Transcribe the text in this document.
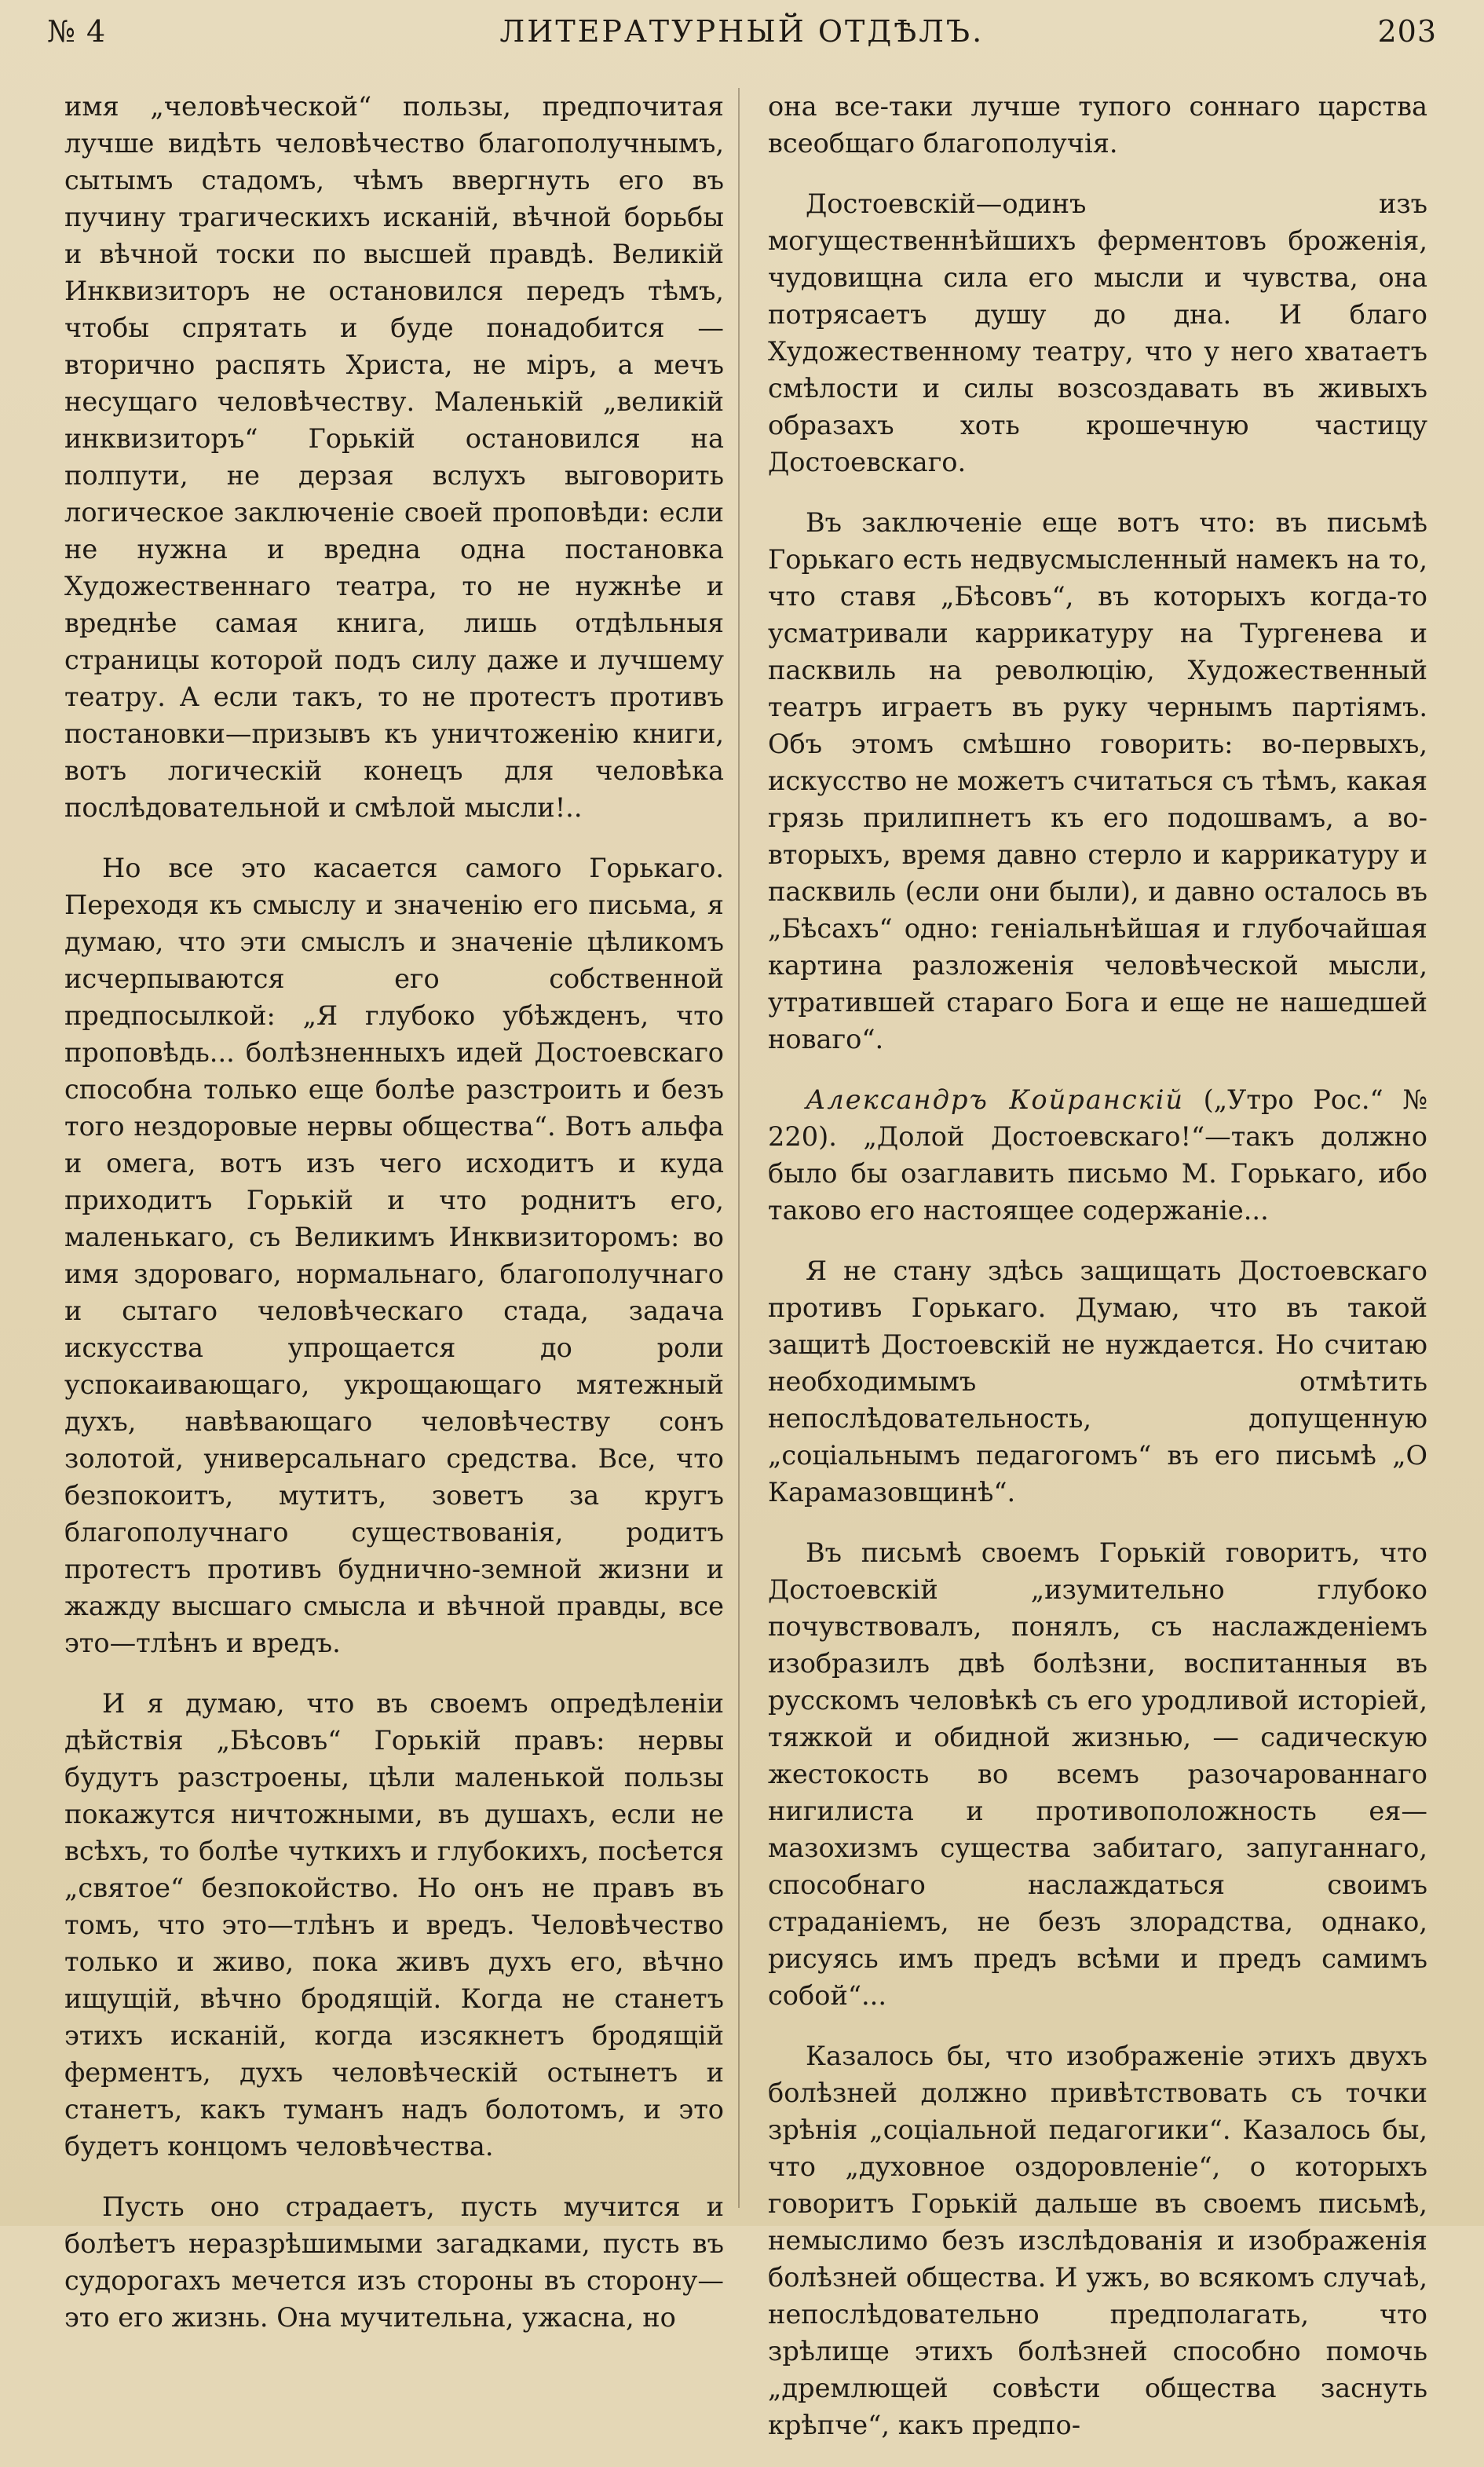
№ 4	ЛИТЕРАТУРНЫЙ ОТДѢЛЪ.	203

имя „человѣческой“ пользы, предпочитая лучше видѣть человѣчество благополучнымъ, сытымъ стадомъ, чѣмъ ввергнуть его въ пучину трагическихъ исканій, вѣчной борьбы и вѣчной тоски по высшей правдѣ. Великій Инквизиторъ не остановился передъ тѣмъ, чтобы спрятать и буде понадобится — вторично распять Христа, не міръ, а мечъ несущаго человѣчеству. Маленькій „великій инквизиторъ“ Горькій остановился на полпути, не дерзая вслухъ выговорить логическое заключеніе своей проповѣди: если не нужна и вредна одна постановка Художественнаго театра, то не нужнѣе и вреднѣе самая книга, лишь отдѣльныя страницы которой подъ силу даже и лучшему театру. А если такъ, то не протестъ противъ постановки—призывъ къ уничтоженію книги, вотъ логическій конецъ для человѣка послѣдовательной и смѣлой мысли!..

Но все это касается самого Горькаго. Переходя къ смыслу и значенію его письма, я думаю, что эти смыслъ и значеніе цѣликомъ исчерпываются его собственной предпосылкой: „Я глубоко убѣжденъ, что проповѣдь... болѣзненныхъ идей Достоевскаго способна только еще болѣе разстроить и безъ того нездоровые нервы общества“. Вотъ альфа и омега, вотъ изъ чего исходитъ и куда приходитъ Горькій и что роднитъ его, маленькаго, съ Великимъ Инквизиторомъ: во имя здороваго, нормальнаго, благополучнаго и сытаго человѣческаго стада, задача искусства упрощается до роли успокаивающаго, укрощающаго мятежный духъ, навѣвающаго человѣчеству сонъ золотой, универсальнаго средства. Все, что безпокоитъ, мутитъ, зоветъ за кругъ благополучнаго существованія, родитъ протестъ противъ буднично-земной жизни и жажду высшаго смысла и вѣчной правды, все это—тлѣнъ и вредъ.

И я думаю, что въ своемъ опредѣленіи дѣйствія „Бѣсовъ“ Горькій правъ: нервы будутъ разстроены, цѣли маленькой пользы покажутся ничтожными, въ душахъ, если не всѣхъ, то болѣе чуткихъ и глубокихъ, посѣется „святое“ безпокойство. Но онъ не правъ въ томъ, что это—тлѣнъ и вредъ. Человѣчество только и живо, пока живъ духъ его, вѣчно ищущій, вѣчно бродящій. Когда не станетъ этихъ исканій, когда изсякнетъ бродящій ферментъ, духъ человѣческій остынетъ и станетъ, какъ туманъ надъ болотомъ, и это будетъ концомъ человѣчества.

Пусть оно страдаетъ, пусть мучится и болѣетъ неразрѣшимыми загадками, пусть въ судорогахъ мечется изъ стороны въ сторону— это его жизнь. Она мучительна, ужасна, но

она все-таки лучше тупого соннаго царства всеобщаго благополучія.

Достоевскій—одинъ изъ могущественнѣйшихъ ферментовъ броженія, чудовищна сила его мысли и чувства, она потрясаетъ душу до дна. И благо Художественному театру, что у него хватаетъ смѣлости и силы возсоздавать въ живыхъ образахъ хоть крошечную частицу Достоевскаго.

Въ заключеніе еще вотъ что: въ письмѣ Горькаго есть недвусмысленный намекъ на то, что ставя „Бѣсовъ“, въ которыхъ когда-то усматривали каррикатуру на Тургенева и пасквиль на революцію, Художественный театръ играетъ въ руку чернымъ партіямъ. Объ этомъ смѣшно говорить: во-первыхъ, искусство не можетъ считаться съ тѣмъ, какая грязь прилипнетъ къ его подошвамъ, а во-вторыхъ, время давно стерло и каррикатуру и пасквиль (если они были), и давно осталось въ „Бѣсахъ“ одно: геніальнѣйшая и глубочайшая картина разложенія человѣческой мысли, утратившей стараго Бога и еще не нашедшей новаго“.

Александръ Койранскій („Утро Рос.“ № 220). „Долой Достоевскаго!“—такъ должно было бы озаглавить письмо М. Горькаго, ибо таково его настоящее содержаніе...

Я не стану здѣсь защищать Достоевскаго противъ Горькаго. Думаю, что въ такой защитѣ Достоевскій не нуждается. Но считаю необходимымъ отмѣтить непослѣдовательность, допущенную „соціальнымъ педагогомъ“ въ его письмѣ „О Карамазовщинѣ“.

Въ письмѣ своемъ Горькій говоритъ, что Достоевскій „изумительно глубоко почувствовалъ, понялъ, съ наслажденіемъ изобразилъ двѣ болѣзни, воспитанныя въ русскомъ человѣкѣ съ его уродливой исторіей, тяжкой и обидной жизнью, — садическую жестокость во всемъ разочарованнаго нигилиста и противоположность ея—мазохизмъ существа забитаго, запуганнаго, способнаго наслаждаться своимъ страданіемъ, не безъ злорадства, однако, рисуясь имъ предъ всѣми и предъ самимъ собой“...

Казалось бы, что изображеніе этихъ двухъ болѣзней должно привѣтствовать съ точки зрѣнія „соціальной педагогики“. Казалось бы, что „духовное оздоровленіе“, о которыхъ говоритъ Горькій дальше въ своемъ письмѣ, немыслимо безъ изслѣдованія и изображенія болѣзней общества. И ужъ, во всякомъ случаѣ, непослѣдовательно предполагать, что зрѣлище этихъ болѣзней способно помочь „дремлющей совѣсти общества заснуть крѣпче“, какъ предпо-
